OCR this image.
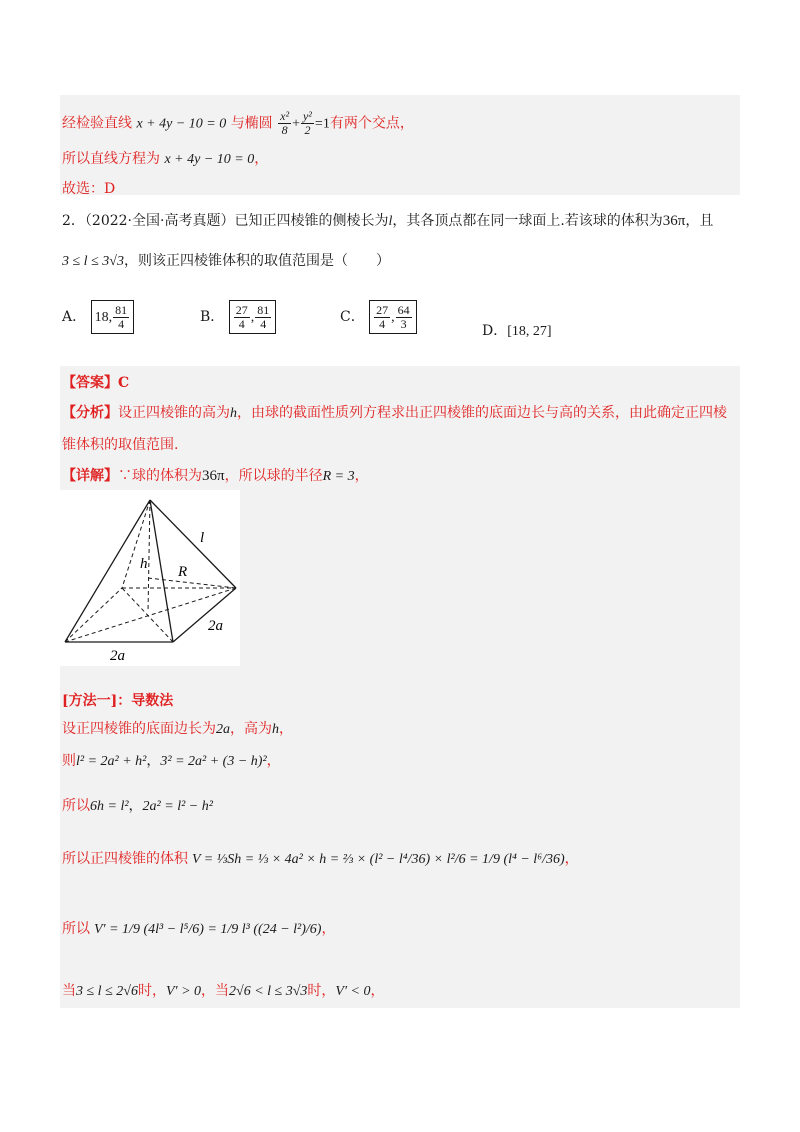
经检验直线 x + 4y − 10 = 0 与椭圆 $\frac{\text{x²}}{8} + \frac{\text{y²}}{2} =1$有两个交点，
所以直线方程为 x + 4y − 10 = 0，
故选：D
2．（2022·全国·高考真题）已知正四棱锥的侧棱长为l，其各顶点都在同一球面上.若该球的体积为36π，且
3 ≤ l ≤ 3√3，则该正四棱锥体积的取值范围是（　　）
A． 18, $\frac{81}{4}$	B． $\frac{27}{4}$ , $\frac{81}{4}$	C． $\frac{27}{4}$ , $\frac{64}{3}$
D．[18, 27]
【答案】C
【分析】设正四棱锥的高为h，由球的截面性质列方程求出正四棱锥的底面边长与高的关系，由此确定正四棱
锥体积的取值范围.
【详解】∵球的体积为36π，所以球的半径R = 3，
l
h R
2a
2a
[方法一]：导数法
设正四棱锥的底面边长为2a，高为h，
则l² = 2a² + h²，3² = 2a² + (3 − h)²，
所以6h = l²，2a² = l² − h²
所以正四棱锥的体积 V = ⅓Sh = ⅓ × 4a² × h = ⅔ × (l² − l⁴/36) × l²/6 = 1/9 (l⁴ − l⁶/36)，
所以 V′ = 1/9 (4l³ − l⁵/6) = 1/9 l³ ((24 − l²)/6)，
当3 ≤ l ≤ 2√6时，V′ > 0，当2√6 < l ≤ 3√3时，V′ < 0，
